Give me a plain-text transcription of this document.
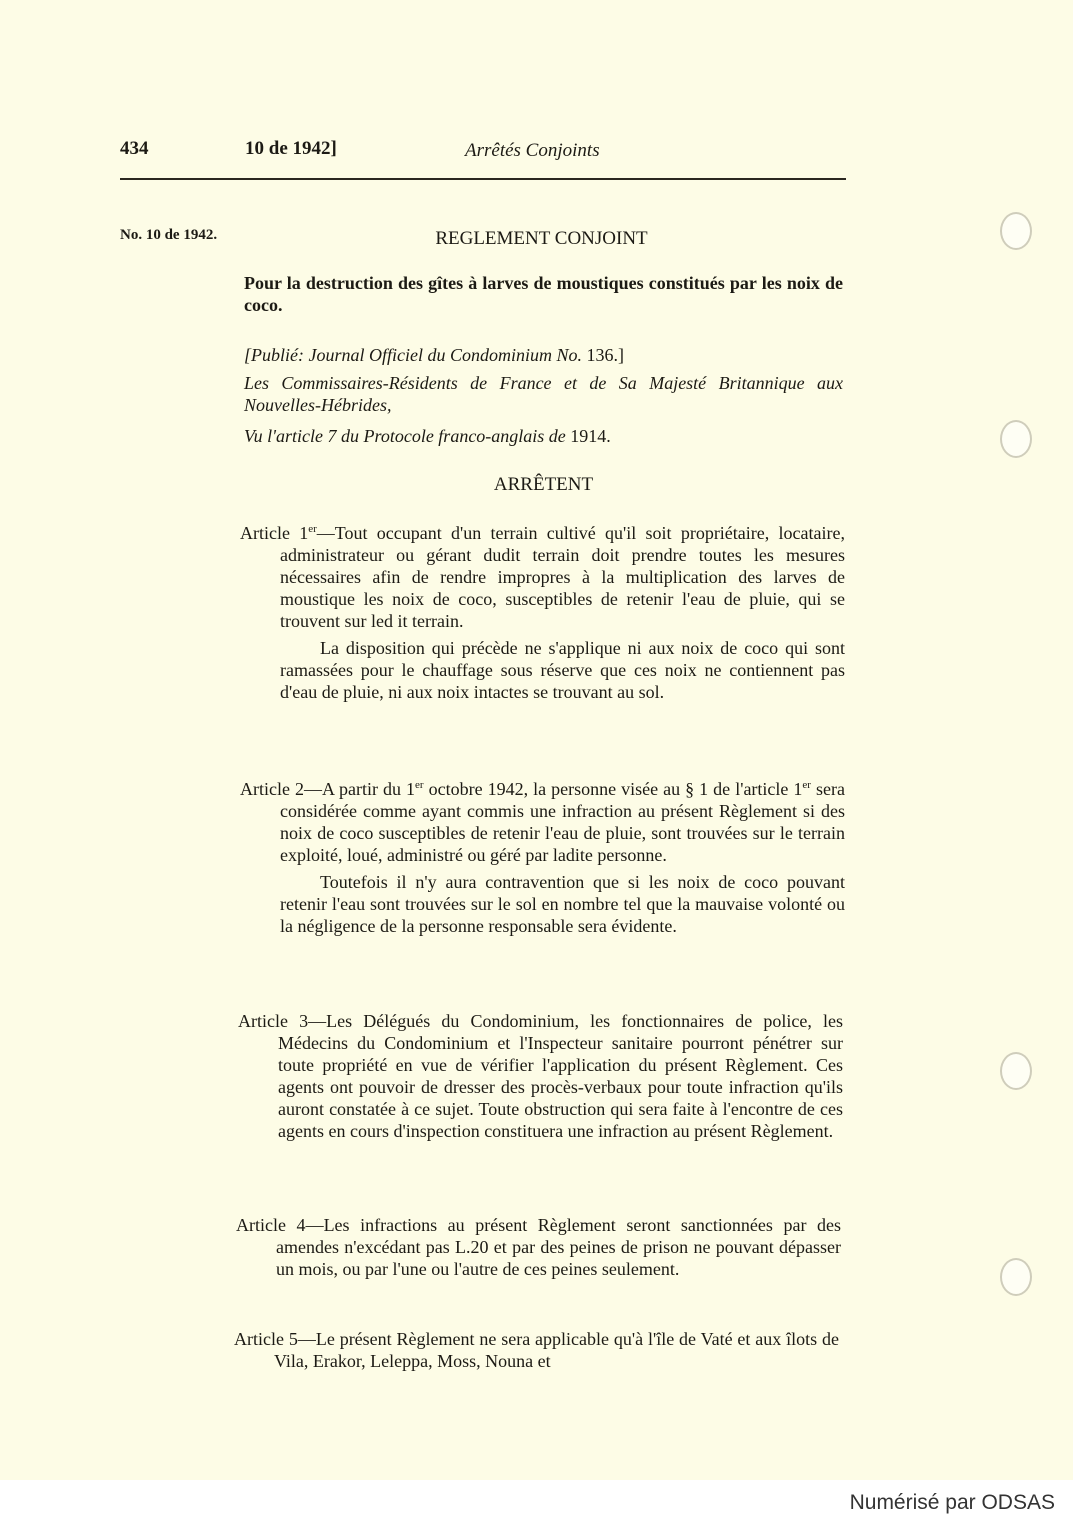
434	10 de 1942]	Arrêtés Conjoints
No. 10 de 1942.	REGLEMENT CONJOINT
Pour la destruction des gîtes à larves de moustiques constitués par les noix de coco.
[Publié: Journal Officiel du Condominium No. 136.]
Les Commissaires-Résidents de France et de Sa Majesté Britannique aux Nouvelles-Hébrides,
Vu l'article 7 du Protocole franco-anglais de 1914.
ARRÊTENT

Article 1er—Tout occupant d'un terrain cultivé qu'il soit propriétaire, locataire, administrateur ou gérant dudit terrain doit prendre toutes les mesures nécessaires afin de rendre impropres à la multiplication des larves de moustique les noix de coco, susceptibles de retenir l'eau de pluie, qui se trouvent sur led it terrain.

La disposition qui précède ne s'applique ni aux noix de coco qui sont ramassées pour le chauffage sous réserve que ces noix ne contiennent pas d'eau de pluie, ni aux noix intactes se trouvant au sol.

Article 2—A partir du 1er octobre 1942, la personne visée au § 1 de l'article 1er sera considérée comme ayant commis une infraction au présent Règlement si des noix de coco susceptibles de retenir l'eau de pluie, sont trouvées sur le terrain exploité, loué, administré ou géré par ladite personne.

Toutefois il n'y aura contravention que si les noix de coco pouvant retenir l'eau sont trouvées sur le sol en nombre tel que la mauvaise volonté ou la négligence de la personne responsable sera évidente.

Article 3—Les Délégués du Condominium, les fonctionnaires de police, les Médecins du Condominium et l'Inspecteur sanitaire pourront pénétrer sur toute propriété en vue de vérifier l'application du présent Règlement. Ces agents ont pouvoir de dresser des procès-verbaux pour toute infraction qu'ils auront constatée à ce sujet. Toute obstruction qui sera faite à l'encontre de ces agents en cours d'inspection constituera une infraction au présent Règlement.

Article 4—Les infractions au présent Règlement seront sanctionnées par des amendes n'excédant pas L.20 et par des peines de prison ne pouvant dépasser un mois, ou par l'une ou l'autre de ces peines seulement.

Article 5—Le présent Règlement ne sera applicable qu'à l'île de Vaté et aux îlots de Vila, Erakor, Leleppa, Moss, Nouna et

Numérisé par ODSAS
